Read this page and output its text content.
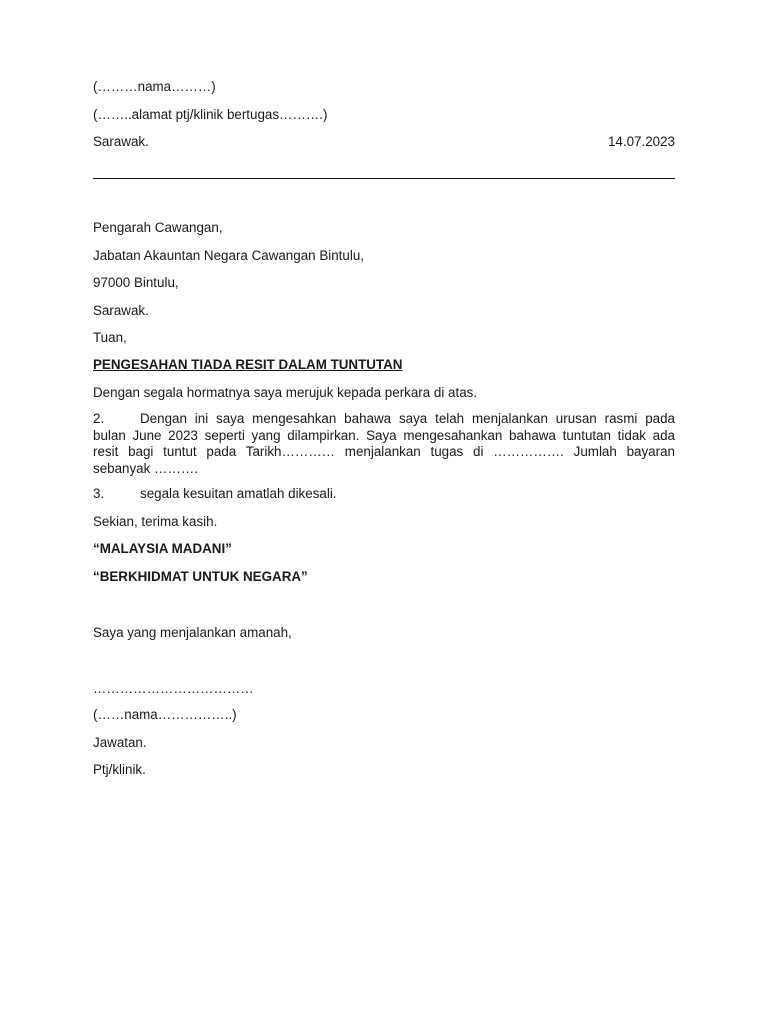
(………nama………)
(……..alamat ptj/klinik bertugas……….)
Sarawak.	14.07.2023
Pengarah Cawangan,
Jabatan Akauntan Negara Cawangan Bintulu,
97000 Bintulu,
Sarawak.
Tuan,
PENGESAHAN TIADA RESIT DALAM TUNTUTAN
Dengan segala hormatnya saya merujuk kepada perkara di atas.
2.	Dengan ini saya mengesahkan bahawa saya telah menjalankan urusan rasmi pada
bulan June 2023 seperti yang dilampirkan. Saya mengesahankan bahawa tuntutan tidak ada
resit bagi tuntut pada Tarikh………… menjalankan tugas di ……………. Jumlah bayaran
sebanyak ……….
3.	segala kesuitan amatlah dikesali.
Sekian, terima kasih.
“MALAYSIA MADANI”
“BERKHIDMAT UNTUK NEGARA”
Saya yang menjalankan amanah,
………………………………
(……nama……………..)
Jawatan.
Ptj/klinik.
